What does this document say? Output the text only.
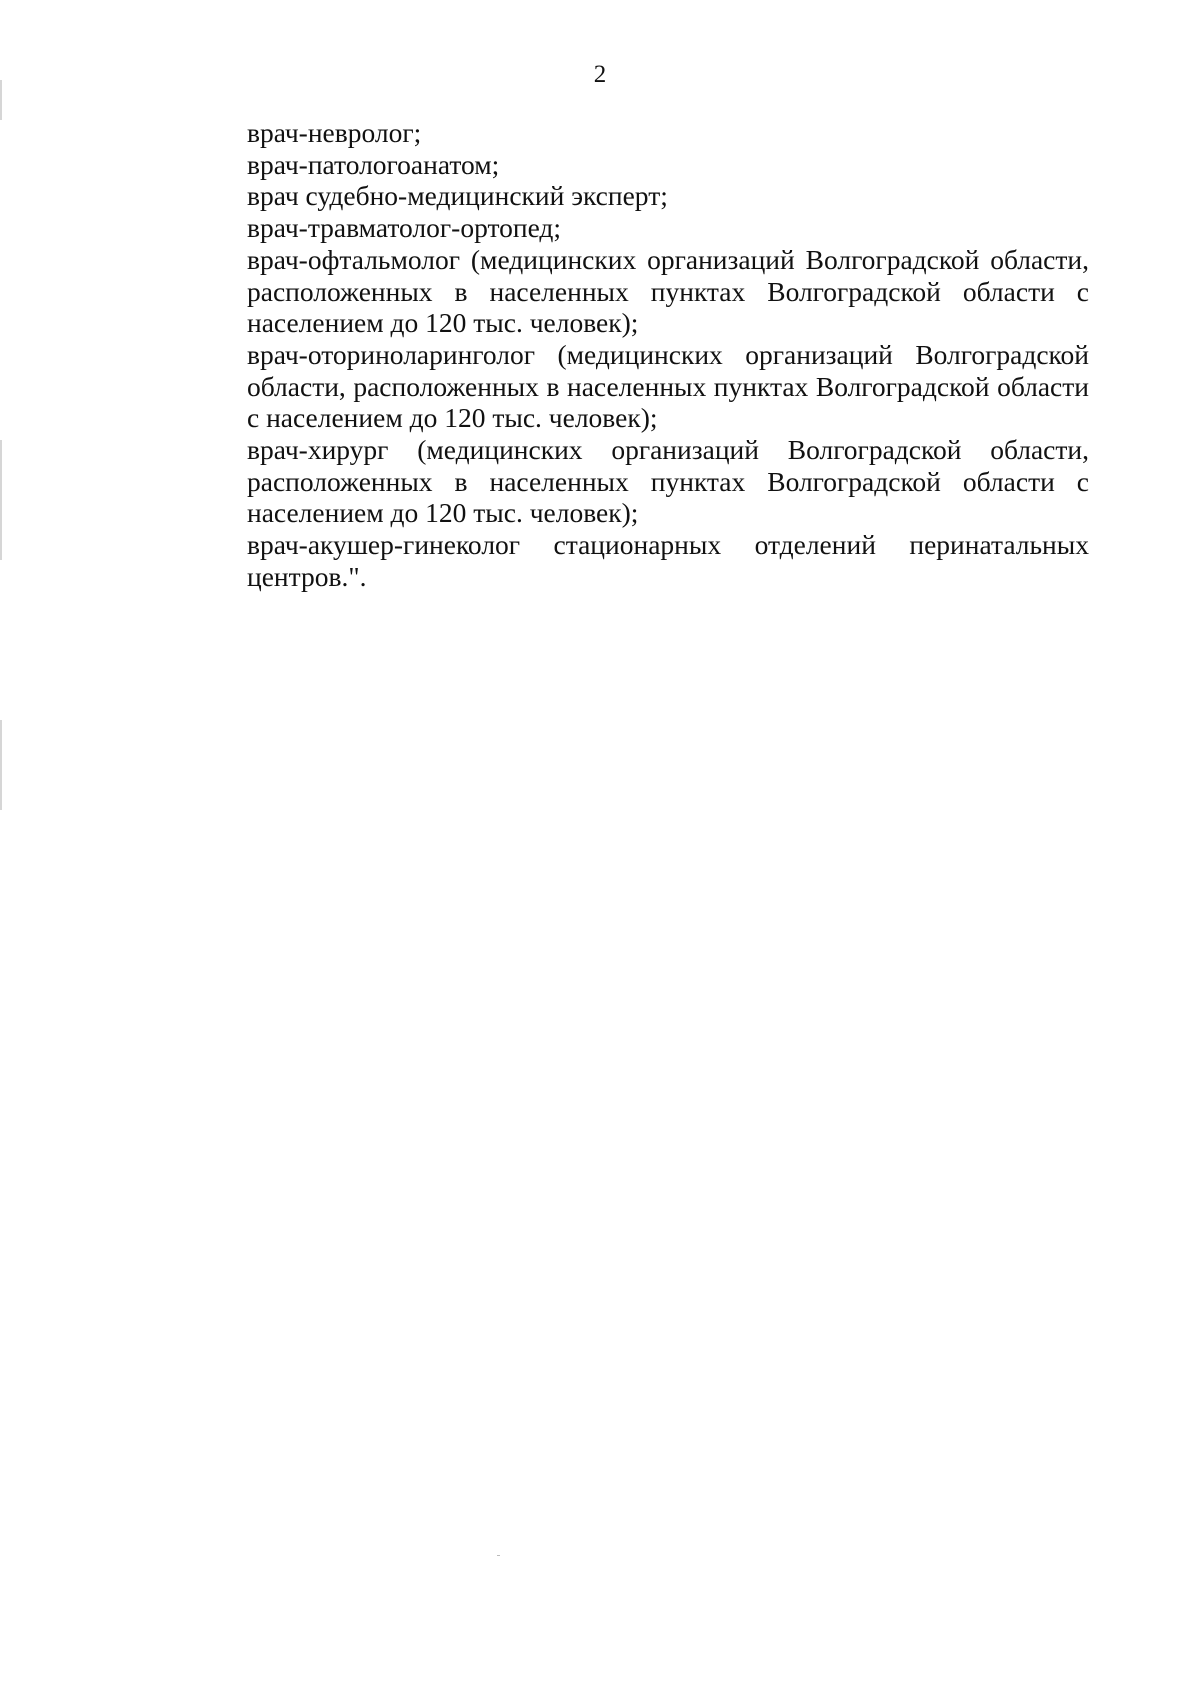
2

врач-невролог;

врач-патологоанатом;

врач судебно-медицинский эксперт;

врач-травматолог-ортопед;

врач-офтальмолог (медицинских организаций Волгоградской области, расположенных в населенных пунктах Волгоградской области с населением до 120 тыс. человек);

врач-оториноларинголог (медицинских организаций Волгоградской области, расположенных в населенных пунктах Волгоградской области с населением до 120 тыс. человек);

врач-хирург (медицинских организаций Волгоградской области, расположенных в населенных пунктах Волгоградской области с населением до 120 тыс. человек);

врач-акушер-гинеколог стационарных отделений перинатальных центров.".
